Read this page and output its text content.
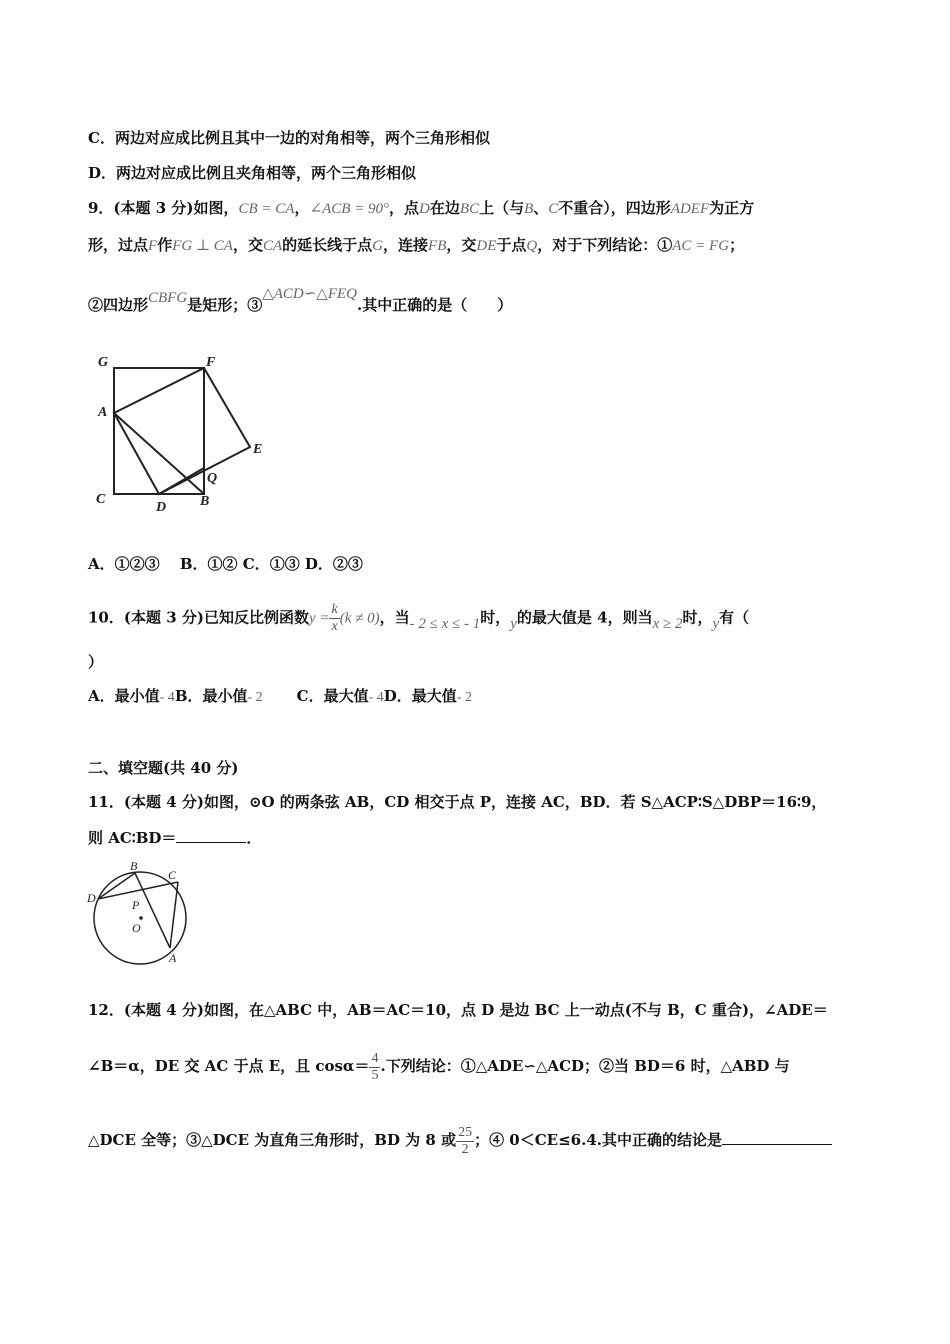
C．两边对应成比例且其中一边的对角相等，两个三角形相似
D．两边对应成比例且夹角相等，两个三角形相似
9．(本题 3 分)如图，CB = CA，∠ACB = 90°，点D在边BC上（与B、C不重合），四边形ADEF为正方
形，过点F作FG ⊥ CA，交CA的延长线于点G，连接FB，交DE于点Q，对于下列结论：①AC = FG；
②四边形CBFG是矩形；③△ACD∽△FEQ.其中正确的是（　　）
G	F
A
E
Q
C
D B
A．①②③　 B．①② C．①③ D．②③
10．(本题 3 分)已知反比例函数$y = \frac{k}{x} (k \ne 0)$，当- 2 ≤ x ≤ - 1时，y的最大值是 4，则当x ≥ 2时，y有（
）
A．最小值- 4B．最小值- 2 C．最大值- 4D．最大值- 2
二、填空题(共 40 分)
11．(本题 4 分)如图，⊙O 的两条弦 AB，CD 相交于点 P，连接 AC，BD．若 S△ACP∶S△DBP＝16∶9，
则 AC∶BD＝	．
B
C
D	P
O
A
12．(本题 4 分)如图，在△ABC 中，AB＝AC＝10，点 D 是边 BC 上一动点(不与 B，C 重合)，∠ADE＝
∠B＝α，DE 交 AC 于点 E，且 $\cos\alpha= \frac{4}{5}$ .下列结论：①△ADE∽△ACD；②当 BD＝6 时，△ABD 与
△DCE 全等；③△DCE 为直角三角形时，BD 为 8 或 $\frac{25}{2}$ ；④ 0＜CE≤6.4.其中正确的结论是
